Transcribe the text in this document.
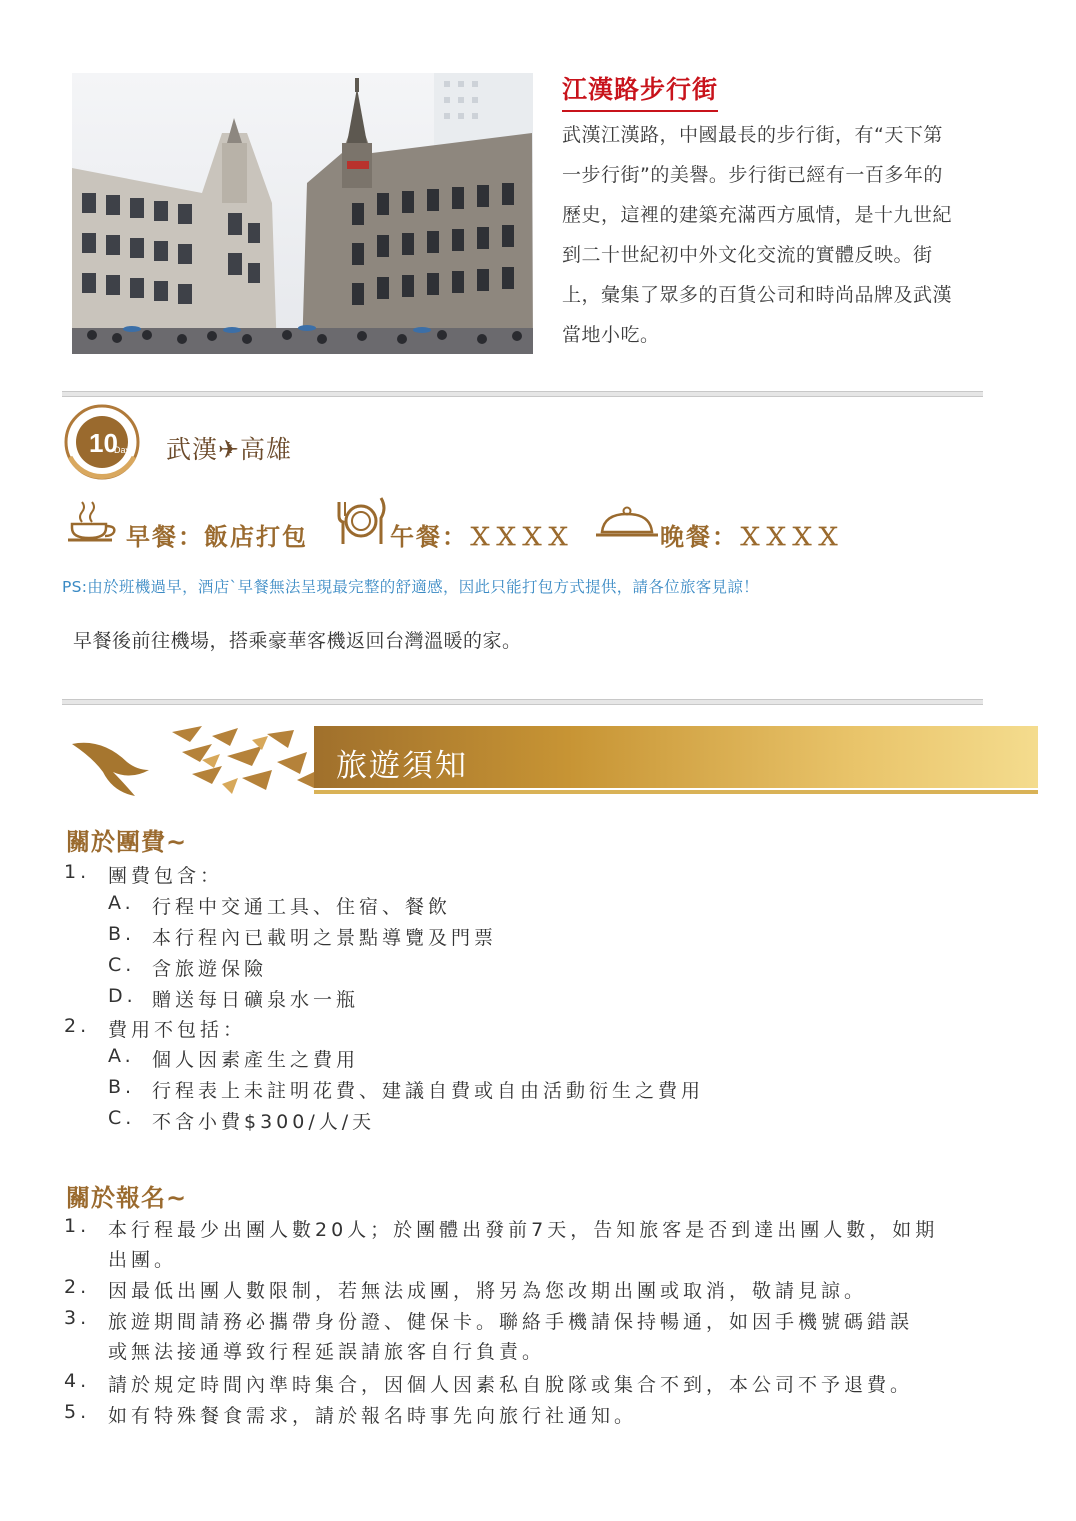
江漢路步行街
武漢江漢路，中國最長的步行街，有“天下第
一步行街”的美譽。步行街已經有一百多年的
歷史，這裡的建築充滿西方風情，是十九世紀
到二十世紀初中外文化交流的實體反映。街
上，彙集了眾多的百貨公司和時尚品牌及武漢
當地小吃。
10
Day 武漢✈高雄
早餐：飯店打包	午餐：ＸＸＸＸ	晚餐：ＸＸＸＸ
PS:由於班機過早，酒店`早餐無法呈現最完整的舒適感，因此只能打包方式提供，請各位旅客見諒！
早餐後前往機場，搭乘豪華客機返回台灣溫暖的家。
旅遊須知
關於團費~
1. 團費包含：
A. 行程中交通工具、住宿、餐飲
B. 本行程內已載明之景點導覽及門票
C. 含旅遊保險
D. 贈送每日礦泉水一瓶
2. 費用不包括：
A. 個人因素產生之費用
B. 行程表上未註明花費、建議自費或自由活動衍生之費用
C. 不含小費$300/人/天
關於報名~
1. 本行程最少出團人數20人；於團體出發前7天，告知旅客是否到達出團人數，如期
出團。
2. 因最低出團人數限制，若無法成團，將另為您改期出團或取消，敬請見諒。
3. 旅遊期間請務必攜帶身份證、健保卡。聯絡手機請保持暢通，如因手機號碼錯誤
或無法接通導致行程延誤請旅客自行負責。
4. 請於規定時間內準時集合，因個人因素私自脫隊或集合不到，本公司不予退費。
5. 如有特殊餐食需求，請於報名時事先向旅行社通知。
